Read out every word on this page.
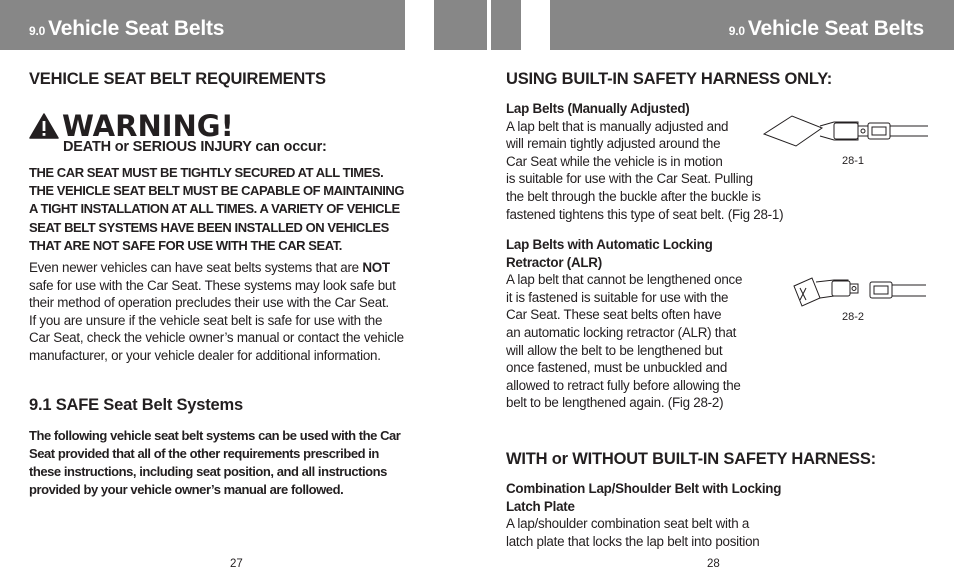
9.0 Vehicle Seat Belts	9.0 Vehicle Seat Belts
VEHICLE SEAT BELT REQUIREMENTS
WARNING!
DEATH or SERIOUS INJURY can occur:
THE CAR SEAT MUST BE TIGHTLY SECURED AT ALL TIMES.
THE VEHICLE SEAT BELT MUST BE CAPABLE OF MAINTAINING
A TIGHT INSTALLATION AT ALL TIMES. A VARIETY OF VEHICLE
SEAT BELT SYSTEMS HAVE BEEN INSTALLED ON VEHICLES
THAT ARE NOT SAFE FOR USE WITH THE CAR SEAT.
Even newer vehicles can have seat belts systems that are NOT
safe for use with the Car Seat. These systems may look safe but
their method of operation precludes their use with the Car Seat.
If you are unsure if the vehicle seat belt is safe for use with the
Car Seat, check the vehicle owner’s manual or contact the vehicle
manufacturer, or your vehicle dealer for additional information.
9.1 SAFE Seat Belt Systems
The following vehicle seat belt systems can be used with the Car
Seat provided that all of the other requirements prescribed in
these instructions, including seat position, and all instructions
provided by your vehicle owner’s manual are followed.
27
USING BUILT-IN SAFETY HARNESS ONLY:
Lap Belts (Manually Adjusted)
A lap belt that is manually adjusted and
will remain tightly adjusted around the
Car Seat while the vehicle is in motion
is suitable for use with the Car Seat. Pulling
the belt through the buckle after the buckle is
fastened tightens this type of seat belt. (Fig 28-1)
28-1
Lap Belts with Automatic Locking
Retractor (ALR)
A lap belt that cannot be lengthened once
it is fastened is suitable for use with the
Car Seat. These seat belts often have
an automatic locking retractor (ALR) that
will allow the belt to be lengthened but
once fastened, must be unbuckled and
allowed to retract fully before allowing the
belt to be lengthened again. (Fig 28-2)
28-2
WITH or WITHOUT BUILT-IN SAFETY HARNESS:
Combination Lap/Shoulder Belt with Locking
Latch Plate
A lap/shoulder combination seat belt with a
latch plate that locks the lap belt into position
28
